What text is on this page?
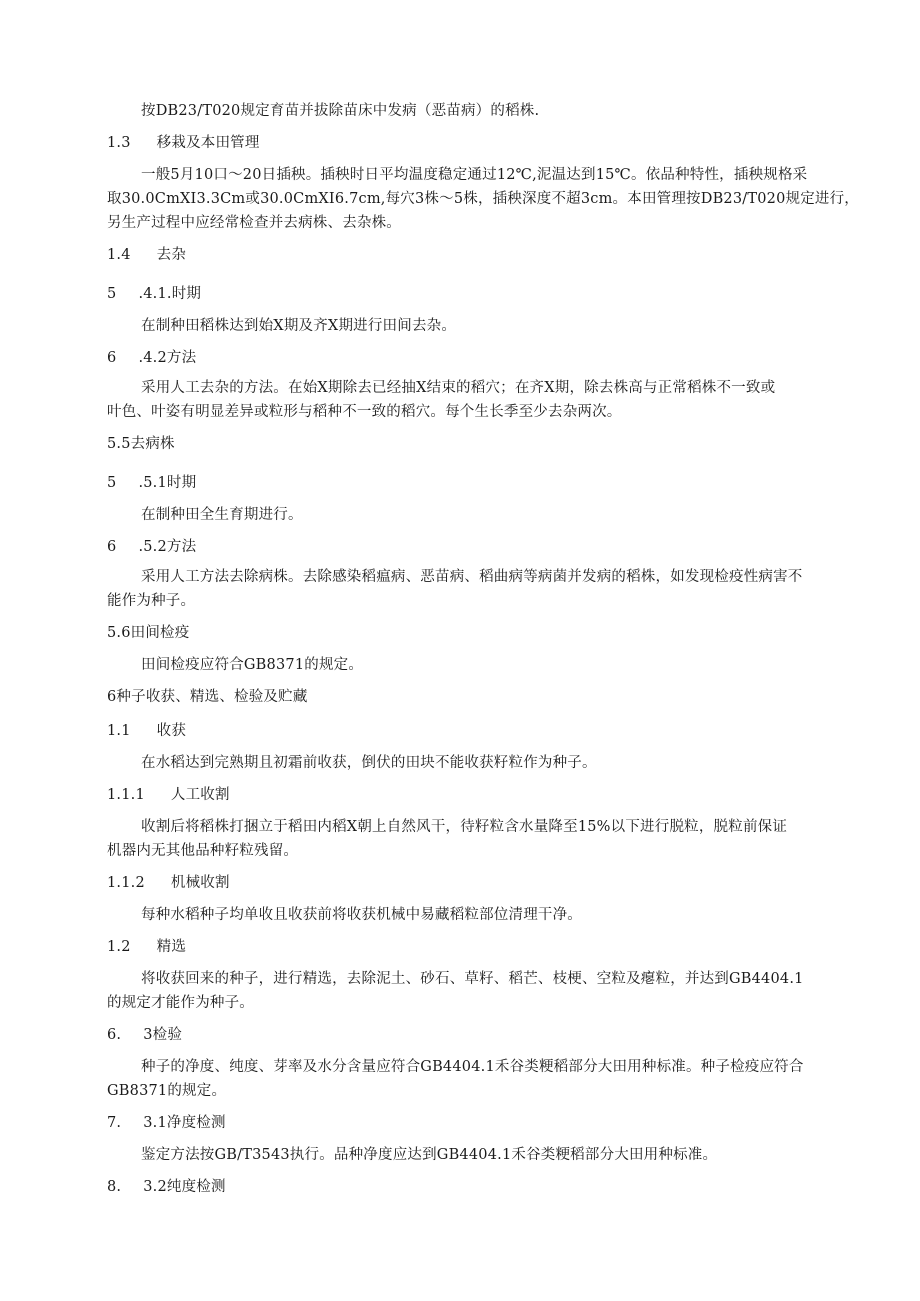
按DB23/T020规定育苗并拔除苗床中发病（恶苗病）的稻株.
1.3 移栽及本田管理
一般5月10口～20日插秧。插秧时日平均温度稳定通过12℃,泥温达到15℃。依品种特性，插秧规格采
取30.0CmXI3.3Cm或30.0CmXI6.7cm,每穴3株～5株，插秧深度不超3cm。本田管理按DB23/T020规定进行，
另生产过程中应经常检查并去病株、去杂株。
1.4 去杂
5 .4.1.时期
在制种田稻株达到始X期及齐X期进行田间去杂。
6 .4.2方法
采用人工去杂的方法。在始X期除去已经抽X结束的稻穴；在齐X期，除去株高与正常稻株不一致或
叶色、叶姿有明显差异或粒形与稻种不一致的稻穴。每个生长季至少去杂两次。
5.5去病株
5 .5.1时期
在制种田全生育期进行。
6 .5.2方法
采用人工方法去除病株。去除感染稻瘟病、恶苗病、稻曲病等病菌并发病的稻株，如发现检疫性病害不
能作为种子。
5.6田间检疫
田间检疫应符合GB8371的规定。
6种子收获、精选、检验及贮藏
1.1 收获
在水稻达到完熟期且初霜前收获，倒伏的田块不能收获籽粒作为种子。
1.1.1 人工收割
收割后将稻株打捆立于稻田内稻X朝上自然风干，待籽粒含水量降至15%以下进行脱粒，脱粒前保证
机器内无其他品种籽粒残留。
1.1.2 机械收割
每种水稻种子均单收且收获前将收获机械中易藏稻粒部位清理干净。
1.2 精选
将收获回来的种子，进行精选，去除泥土、砂石、草籽、稻芒、枝梗、空粒及瘪粒，并达到GB4404.1
的规定才能作为种子。
6. 3检验
种子的净度、纯度、芽率及水分含量应符合GB4404.1禾谷类粳稻部分大田用种标准。种子检疫应符合
GB8371的规定。
7. 3.1净度检测
鉴定方法按GB/T3543执行。品种净度应达到GB4404.1禾谷类粳稻部分大田用种标准。
8. 3.2纯度检测
